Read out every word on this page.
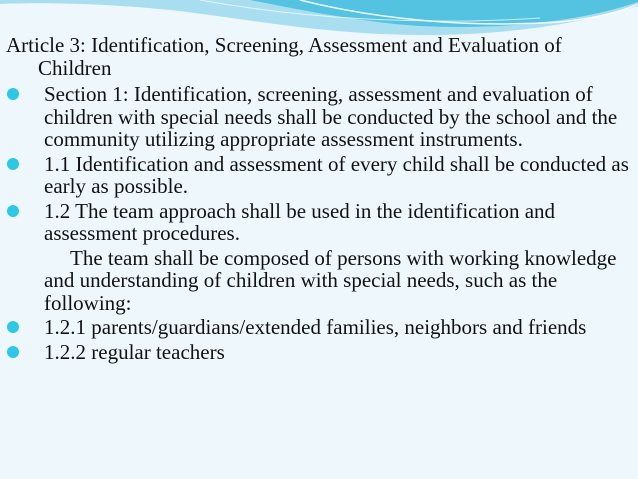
Article 3: Identification, Screening, Assessment and Evaluation of Children

Section 1: Identification, screening, assessment and evaluation of children with special needs shall be conducted by the school and the community utilizing appropriate assessment instruments.
1.1 Identification and assessment of every child shall be conducted as early as possible.
1.2 The team approach shall be used in the identification and assessment procedures.

The team shall be composed of persons with working knowledge and understanding of children with special needs, such as the following:

1.2.1 parents/guardians/extended families, neighbors and friends
1.2.2 regular teachers
